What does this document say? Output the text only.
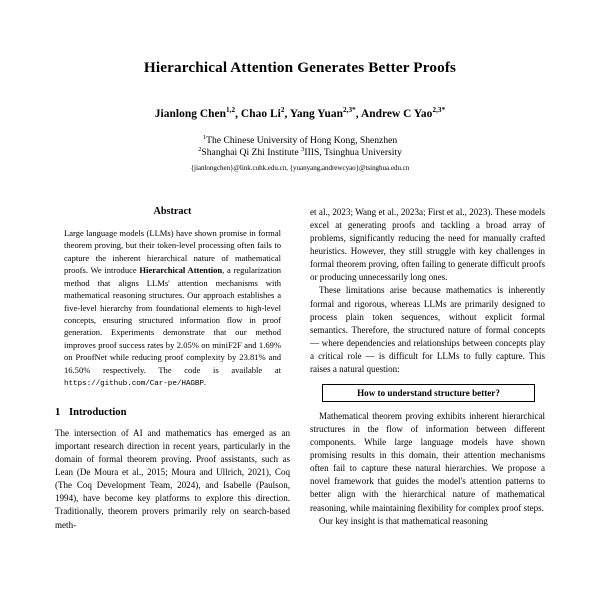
Hierarchical Attention Generates Better Proofs
Jianlong Chen$^{1,2}$, Chao Li$^2$, Yang Yuan$^{2,3*}$, Andrew C Yao$^{2,3*}$
$^1$The Chinese University of Hong Kong, Shenzhen
$^2$Shanghai Qi Zhi Institute $^3$IIIS, Tsinghua University
{jianlongchen}@link.cuhk.edu.cn, {yuanyang,andrewcyao}@tsinghua.edu.cn
Abstract

Large language models (LLMs) have shown promise in formal theorem proving, but their token-level processing often fails to capture the inherent hierarchical nature of mathematical proofs. We introduce Hierarchical Attention, a regularization method that aligns LLMs' attention mechanisms with mathematical reasoning structures. Our approach establishes a five-level hierarchy from foundational elements to high-level concepts, ensuring structured information flow in proof generation. Experiments demonstrate that our method improves proof success rates by 2.05% on miniF2F and 1.69% on ProofNet while reducing proof complexity by 23.81% and 16.50% respectively. The code is available at https://github.com/Car-pe/HAGBP.

1 Introduction

The intersection of AI and mathematics has emerged as an important research direction in recent years, particularly in the domain of formal theorem proving. Proof assistants, such as Lean (De Moura et al., 2015; Moura and Ullrich, 2021), Coq (The Coq Development Team, 2024), and Isabelle (Paulson, 1994), have become key platforms to explore this direction. Traditionally, theorem provers primarily rely on search-based meth-

et al., 2023; Wang et al., 2023a; First et al., 2023). These models excel at generating proofs and tackling a broad array of problems, significantly reducing the need for manually crafted heuristics. However, they still struggle with key challenges in formal theorem proving, often failing to generate difficult proofs or producing unnecessarily long ones.

These limitations arise because mathematics is inherently formal and rigorous, whereas LLMs are primarily designed to process plain token sequences, without explicit formal semantics. Therefore, the structured nature of formal concepts — where dependencies and relationships between concepts play a critical role — is difficult for LLMs to fully capture. This raises a natural question:

How to understand structure better?

Mathematical theorem proving exhibits inherent hierarchical structures in the flow of information between different components. While large language models have shown promising results in this domain, their attention mechanisms often fail to capture these natural hierarchies. We propose a novel framework that guides the model's attention patterns to better align with the hierarchical nature of mathematical reasoning, while maintaining flexibility for complex proof steps.

Our key insight is that mathematical reasoning
